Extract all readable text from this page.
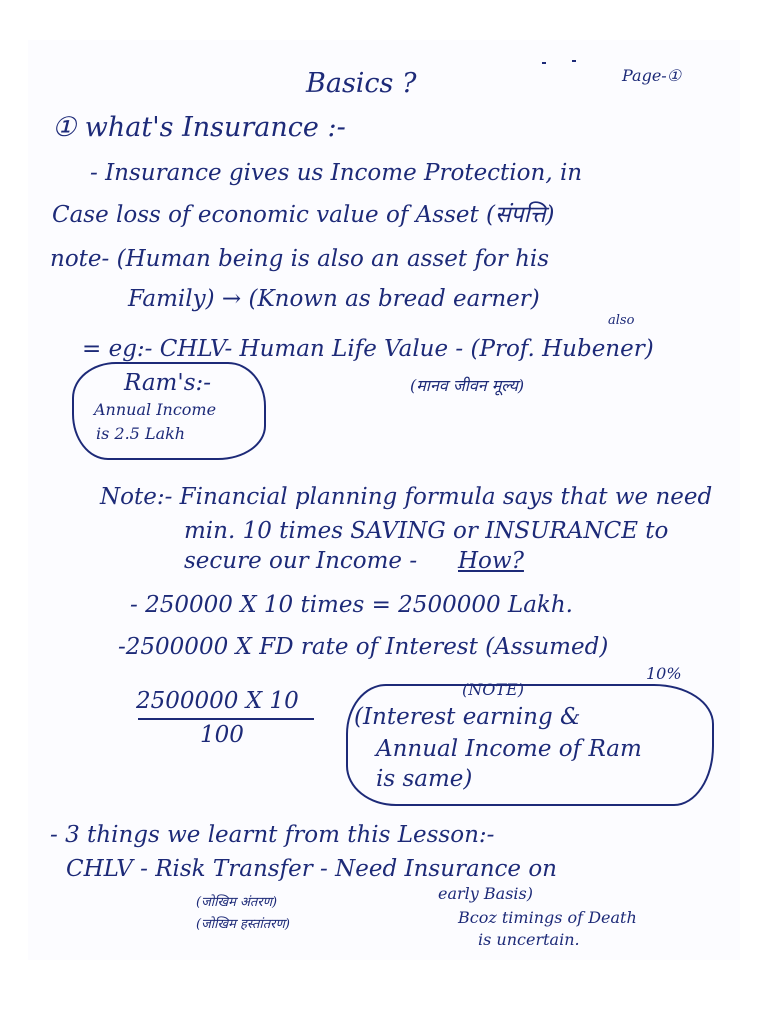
Basics ?	Page-①
① what's Insurance :-
- Insurance gives us Income Protection, in
Case loss of economic value of Asset (संपत्ति)
note- (Human being is also an asset for his
Family) → (Known as bread earner)
also
= eg:- CHLV- Human Life Value - (Prof. Hubener)
(मानव जीवन मूल्य)
Ram's:-
Annual Income
is 2.5 Lakh
Note:- Financial planning formula says that we need
min. 10 times SAVING or INSURANCE to
secure our Income - How?
- 250000 X 10 times = 2500000 Lakh.
-2500000 X FD rate of Interest (Assumed)
10%
2500000 X 10
100
(NOTE)
(Interest earning &
Annual Income of Ram
is same)
- 3 things we learnt from this Lesson:-
CHLV - Risk Transfer - Need Insurance on
(जोखिम अंतरण)
(जोखिम हस्तांतरण)
early Basis)
Bcoz timings of Death
is uncertain.
